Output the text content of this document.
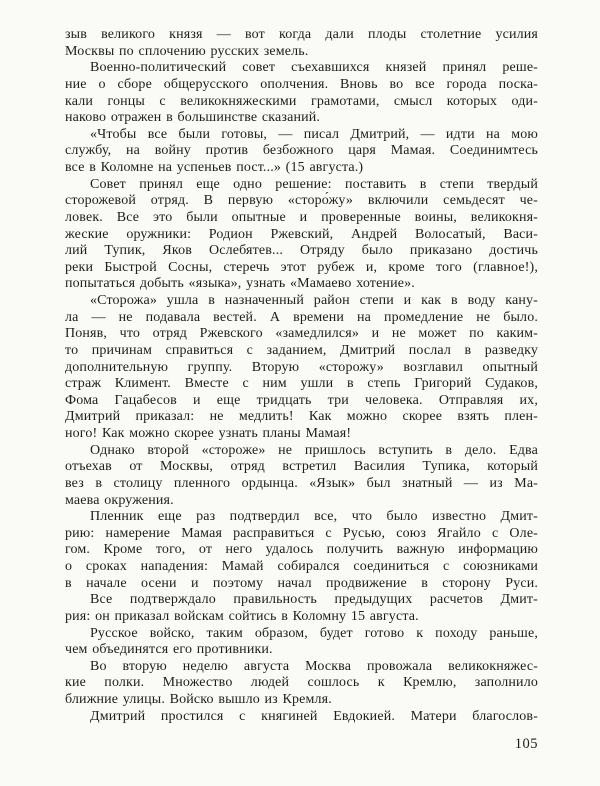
зыв великого князя — вот когда дали плоды столетние усилия
Москвы по сплочению русских земель.
Военно-политический совет съехавшихся князей принял реше-
ние о сборе общерусского ополчения. Вновь во все города поска-
кали гонцы с великокняжескими грамотами, смысл которых оди-
наково отражен в большинстве сказаний.
«Чтобы все были готовы, — писал Дмитрий, — идти на мою
службу, на войну против безбожного царя Мамая. Соединимтесь
все в Коломне на успеньев пост...» (15 августа.)
Совет принял еще одно решение: поставить в степи твердый
сторожевой отряд. В первую «сторо́жу» включили семьдесят че-
ловек. Все это были опытные и проверенные воины, великокня-
жеские оружники: Родион Ржевский, Андрей Волосатый, Васи-
лий Тупик, Яков Ослебятев... Отряду было приказано достичь
реки Быстрой Сосны, стеречь этот рубеж и, кроме того (главное!),
попытаться добыть «языка», узнать «Мамаево хотение».
«Сторожа» ушла в назначенный район степи и как в воду кану-
ла — не подавала вестей. А времени на промедление не было.
Поняв, что отряд Ржевского «замедлился» и не может по каким-
то причинам справиться с заданием, Дмитрий послал в разведку
дополнительную группу. Вторую «сторожу» возглавил опытный
страж Климент. Вместе с ним ушли в степь Григорий Судаков,
Фома Гацабесов и еще тридцать три человека. Отправляя их,
Дмитрий приказал: не медлить! Как можно скорее взять плен-
ного! Как можно скорее узнать планы Мамая!
Однако второй «стороже» не пришлось вступить в дело. Едва
отъехав от Москвы, отряд встретил Василия Тупика, который
вез в столицу пленного ордынца. «Язык» был знатный — из Ма-
маева окружения.
Пленник еще раз подтвердил все, что было известно Дмит-
рию: намерение Мамая расправиться с Русью, союз Ягайло с Оле-
гом. Кроме того, от него удалось получить важную информацию
о сроках нападения: Мамай собирался соединиться с союзниками
в начале осени и поэтому начал продвижение в сторону Руси.
Все подтверждало правильность предыдущих расчетов Дмит-
рия: он приказал войскам сойтись в Коломну 15 августа.
Русское войско, таким образом, будет готово к походу раньше,
чем объединятся его противники.
Во вторую неделю августа Москва провожала великокняжес-
кие полки. Множество людей сошлось к Кремлю, заполнило
ближние улицы. Войско вышло из Кремля.
Дмитрий простился с княгиней Евдокией. Матери благослов-
105
